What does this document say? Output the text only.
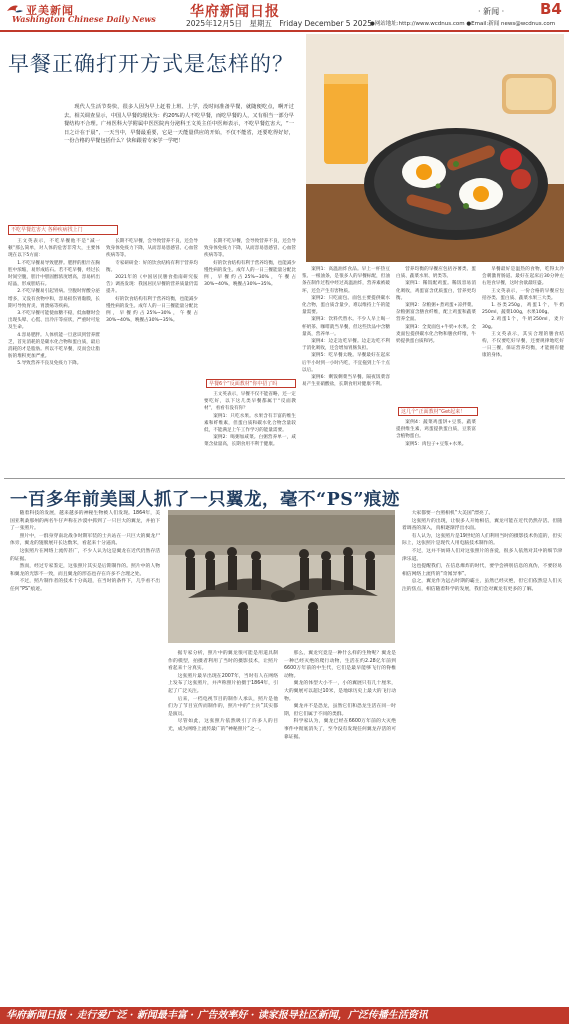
亚美新闻
Washington Chinese Daily News 华府新闻日报	· 新闻 · B4
2025年12月5日　星期五　Friday December 5 2025
●网站地址:http://www.wcdnus.com ●Email:新闻 news@wcdnus.com
早餐正确打开方式是怎样的？

现代人生活节奏快，很多人因为早上赶着上班、上学，没时间准备早餐，就随便吃点，啊开过去。相关调查显示，中国人早餐的现状为：约20%的人不吃早餐，而吃早餐的人，又有相当一部分早餐结构不合理。广州医科大学附属中医医院内分泌科王文英主任中医师表示，不吃早餐危害大，“一日之计在于晨”，一天当中，早餐最重要，它是一天能量供应的开始，不仅不能省，还要吃得好好，一份合格的早餐包括什么？快和跟着专家学一学吧！

不吃早餐危害大 各种疾病找上门

王文英表示，不吃早餐他不是“减一顿”那么简单，对人体的危害非常大，主要体现在以下5方面：

1.不吃早餐易导致肥胖。肥胖的胆汁在胸腔中浓缩，易形成结石。若不吃早餐，经过长时间空腹，胆汁中胆固醇浓度增高，容易析出结晶，形成胆结石。

2.不吃早餐易引起胃病。空腹时胃酸分泌增多，又没有食物中和，容易损伤胃黏膜，长期可导致胃炎、胃溃疡等疾病。

3.不吃早餐可能使血糖不稳，低血糖时会出现头晕、心慌、出冷汗等症状，严重时可危及生命。

4.容易肥胖。人体机能一旦意识到营养匮乏，首先消耗的是碳水化合物和蛋白质，最后消耗的才是脂肪。所以不吃早餐，反而会让脂肪的堆积更加严重。

5.导致营养不良及免疫力下降。

长期不吃早餐，会导致营养不良，还会导致身体免疫力下降，从而容易患感冒、心血管疾病等等。

专家研研金：好的饮食结构有利于营养均衡。

2021年的《中国居民膳食指南研究报告》调查发现：我国居民早餐的营养质量仍需提升。

好的饮食结构有利于营养均衡，也能减少慢性病的发生。成年人的一日三餐能量分配比例，早餐约占25%~30%，午餐占30%~40%，晚餐占30%~35%。

长期不吃早餐，会导致营养不良，还会导致身体免疫力下降，从而容易患感冒、心血管疾病等等。

好的饮食结构有利于营养均衡，也能减少慢性病的发生。成年人的一日三餐能量分配比例，早餐约占25%~30%，午餐占30%~40%，晚餐占30%~35%。

早餐6个“反面教材”你中招了吗

王文英表示，早餐不仅不能省略，还一定要吃好，以下这几类早餐都属于“反面教材”，看看有没有你？

案例1：只吃水果。水果含有丰富的维生素和纤维素，但蛋白质和碳水化合物含量较低，不能满足上午工作学习的能量需要。

案例2：喝粥加咸菜。白粥营养单一，咸菜含盐量高，长期食用不利于健康。

案例1：高温油炸食品。早上一杯热豆浆、一根油条，是很多人的早餐标配，但油条在制作过程中经过高温油炸，营养素被破坏，还会产生有害物质。

案例2：只吃面包。面包主要提供碳水化合物，蛋白质含量少，难以维持上午的能量需要。

案例3：饮料代替水。不少人早上喝一杯奶茶、咖啡就当早餐，但这些饮品中含糖量高，营养单一。

案例4：边走边吃早餐。边走边吃不利于消化吸收，还会增加胃肠负担。

案例5：吃早餐太晚。早餐最好在起床后半小时到一小时内吃，不宜拖到上午十点以后。

案例6：剩饭剩菜当早餐。隔夜饭菜容易产生亚硝酸盐，长期食用对健康不利。

营养均衡的早餐应包括谷薯类、蛋白质、蔬菜水果、奶类等。

案例1：稀饭配鸡蛋。稀饭容易消化吸收，鸡蛋富含优质蛋白，营养更均衡。

案例2：杂粮粥+煮鸡蛋+凉拌菜。杂粮粥富含膳食纤维，配上鸡蛋和蔬菜营养全面。

案例3：全麦面包+牛奶+水果。全麦面包提供碳水化合物和膳食纤维，牛奶提供蛋白质和钙。

这几个“正面教材”Get起来！

案例4：蔬菜鸡蛋饼+豆浆。蔬菜提供维生素，鸡蛋提供蛋白质，豆浆富含植物蛋白。

案例5：肉包子+豆浆+水果。

早餐最好是温热的食物，吃得太冷会刺激胃肠道。最好在起床后30分钟左右进食早餐，这时食欲最旺盛。

王文英表示，一份合格的早餐应包括谷类、蛋白质、蔬菜水果三大类。

1.谷类250g，鸡蛋1个，牛奶250ml，蔬菜100g，水果100g。

2.鸡蛋1个，牛奶250ml，麦片30g。

王文英表示，其实合理的膳食结构，不仅要吃好早餐，还要规律地吃好一日三餐，保证营养均衡，才能拥有健康的身体。

一百多年前美国人抓了一只翼龙，毫不“PS”痕迹

随着科技的发展，越来越多的神秘生物被人们发现。1864年，美国亚利桑那州的两名牛仔声称在沙漠中抓到了一只巨大的翼龙，并拍下了一张照片。

照片中，一群身穿南北战争时期军装的士兵站在一只巨大的翼龙尸体旁，翼龙的翅膀展开长达数米，看起来十分逼真。

这张照片在网络上流传甚广，不少人认为这是翼龙在近代仍然存活的证据。

然而，经过专家鉴定，这张照片其实是后期制作的。照片中的人物和翼龙的光影不一致，而且翼龙的形态也存在许多不合理之处。

不过，照片制作者的技术十分高超，在当时的条件下，几乎看不出任何“PS”痕迹。

据专家分析，照片中的翼龙很可能是用道具制作的模型，拍摄者利用了当时的摄影技术，让照片看起来十分真实。

这张照片最早出现在2007年，当时有人在网络上发布了这张照片，并声称照片拍摄于1864年，引起了广泛关注。

后来，一档电视节目的制作人承认，照片是他们为了节目宣传而制作的，照片中的“士兵”其实都是演员。

尽管如此，这张照片依然吸引了许多人的目光，成为网络上流传最广的“神秘照片”之一。

那么，翼龙究竟是一种什么样的生物呢？翼龙是一种已经灭绝的爬行动物，生活在约2.28亿年前到6600万年前的中生代，它们是最早能够飞行的脊椎动物。

翼龙的体型大小不一，小的翼展只有几十厘米，大的翼展可以超过10米，是地球历史上最大的飞行动物。

翼龙并不是恐龙，虽然它们和恐龙生活在同一时期，但它们属于不同的类群。

科学家认为，翼龙已经在6600万年前的大灭绝事件中彻底消失了，至今没有发现任何翼龙存活的可靠证据。

大家都要一台照相机“大美国”漂亮了。

这张照片的出现，让很多人开始相信，翼龙可能在近代仍然存活。但随着调查的深入，真相逐渐浮出水面。

有人认为，这张照片是19世纪的人们利用当时的摄影技术伪造的，但实际上，这张照片是现代人用电脑技术制作的。

不过，这并不妨碍人们对这张照片的喜爱，很多人依然对其中的细节津津乐道。

这也提醒我们，在信息爆炸的时代，要学会辨别信息的真伪，不要轻易相信网络上流传的“奇闻异事”。

总之，翼龙作为远古时期的霸主，虽然已经灭绝，但它们依然是人们关注的焦点，相信随着科学的发展，我们会对翼龙有更多的了解。

华府新闻日报 · 走行爱广泛 · 新闻最丰富 · 广告效率好 · 读家报导社区新闻，广泛传播生活资讯
